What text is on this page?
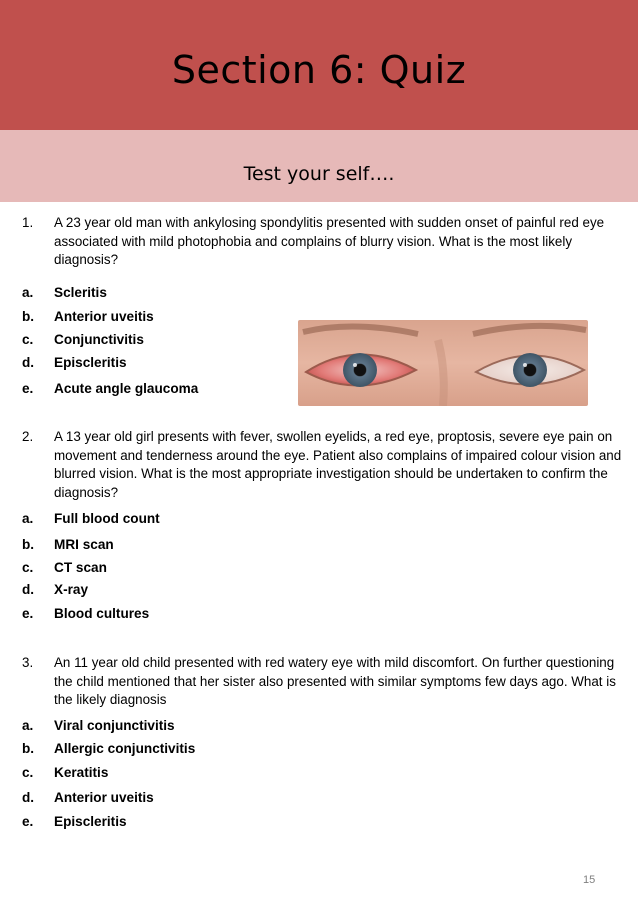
Section 6: Quiz
Test your self….
1.	A 23 year old man with ankylosing spondylitis presented with sudden onset of painful red eye associated with mild photophobia and complains of blurry vision. What is the most likely diagnosis?
a.	Scleritis
b.	Anterior uveitis
c.	Conjunctivitis
d.	Episcleritis
e.	Acute angle glaucoma
2.	A 13 year old girl presents with fever, swollen eyelids, a red eye, proptosis, severe eye pain on movement and tenderness around the eye. Patient also complains of impaired colour vision and blurred vision. What is the most appropriate investigation should be undertaken to confirm the diagnosis?
a.	Full blood count
b.	MRI scan
c.	CT scan
d.	X-ray
e.	Blood cultures
3.	An 11 year old child presented with red watery eye with mild discomfort. On further questioning the child mentioned that her sister also presented with similar symptoms few days ago. What is the likely diagnosis
a.	Viral conjunctivitis
b.	Allergic conjunctivitis
c.	Keratitis
d.	Anterior uveitis
e.	Episcleritis
15
